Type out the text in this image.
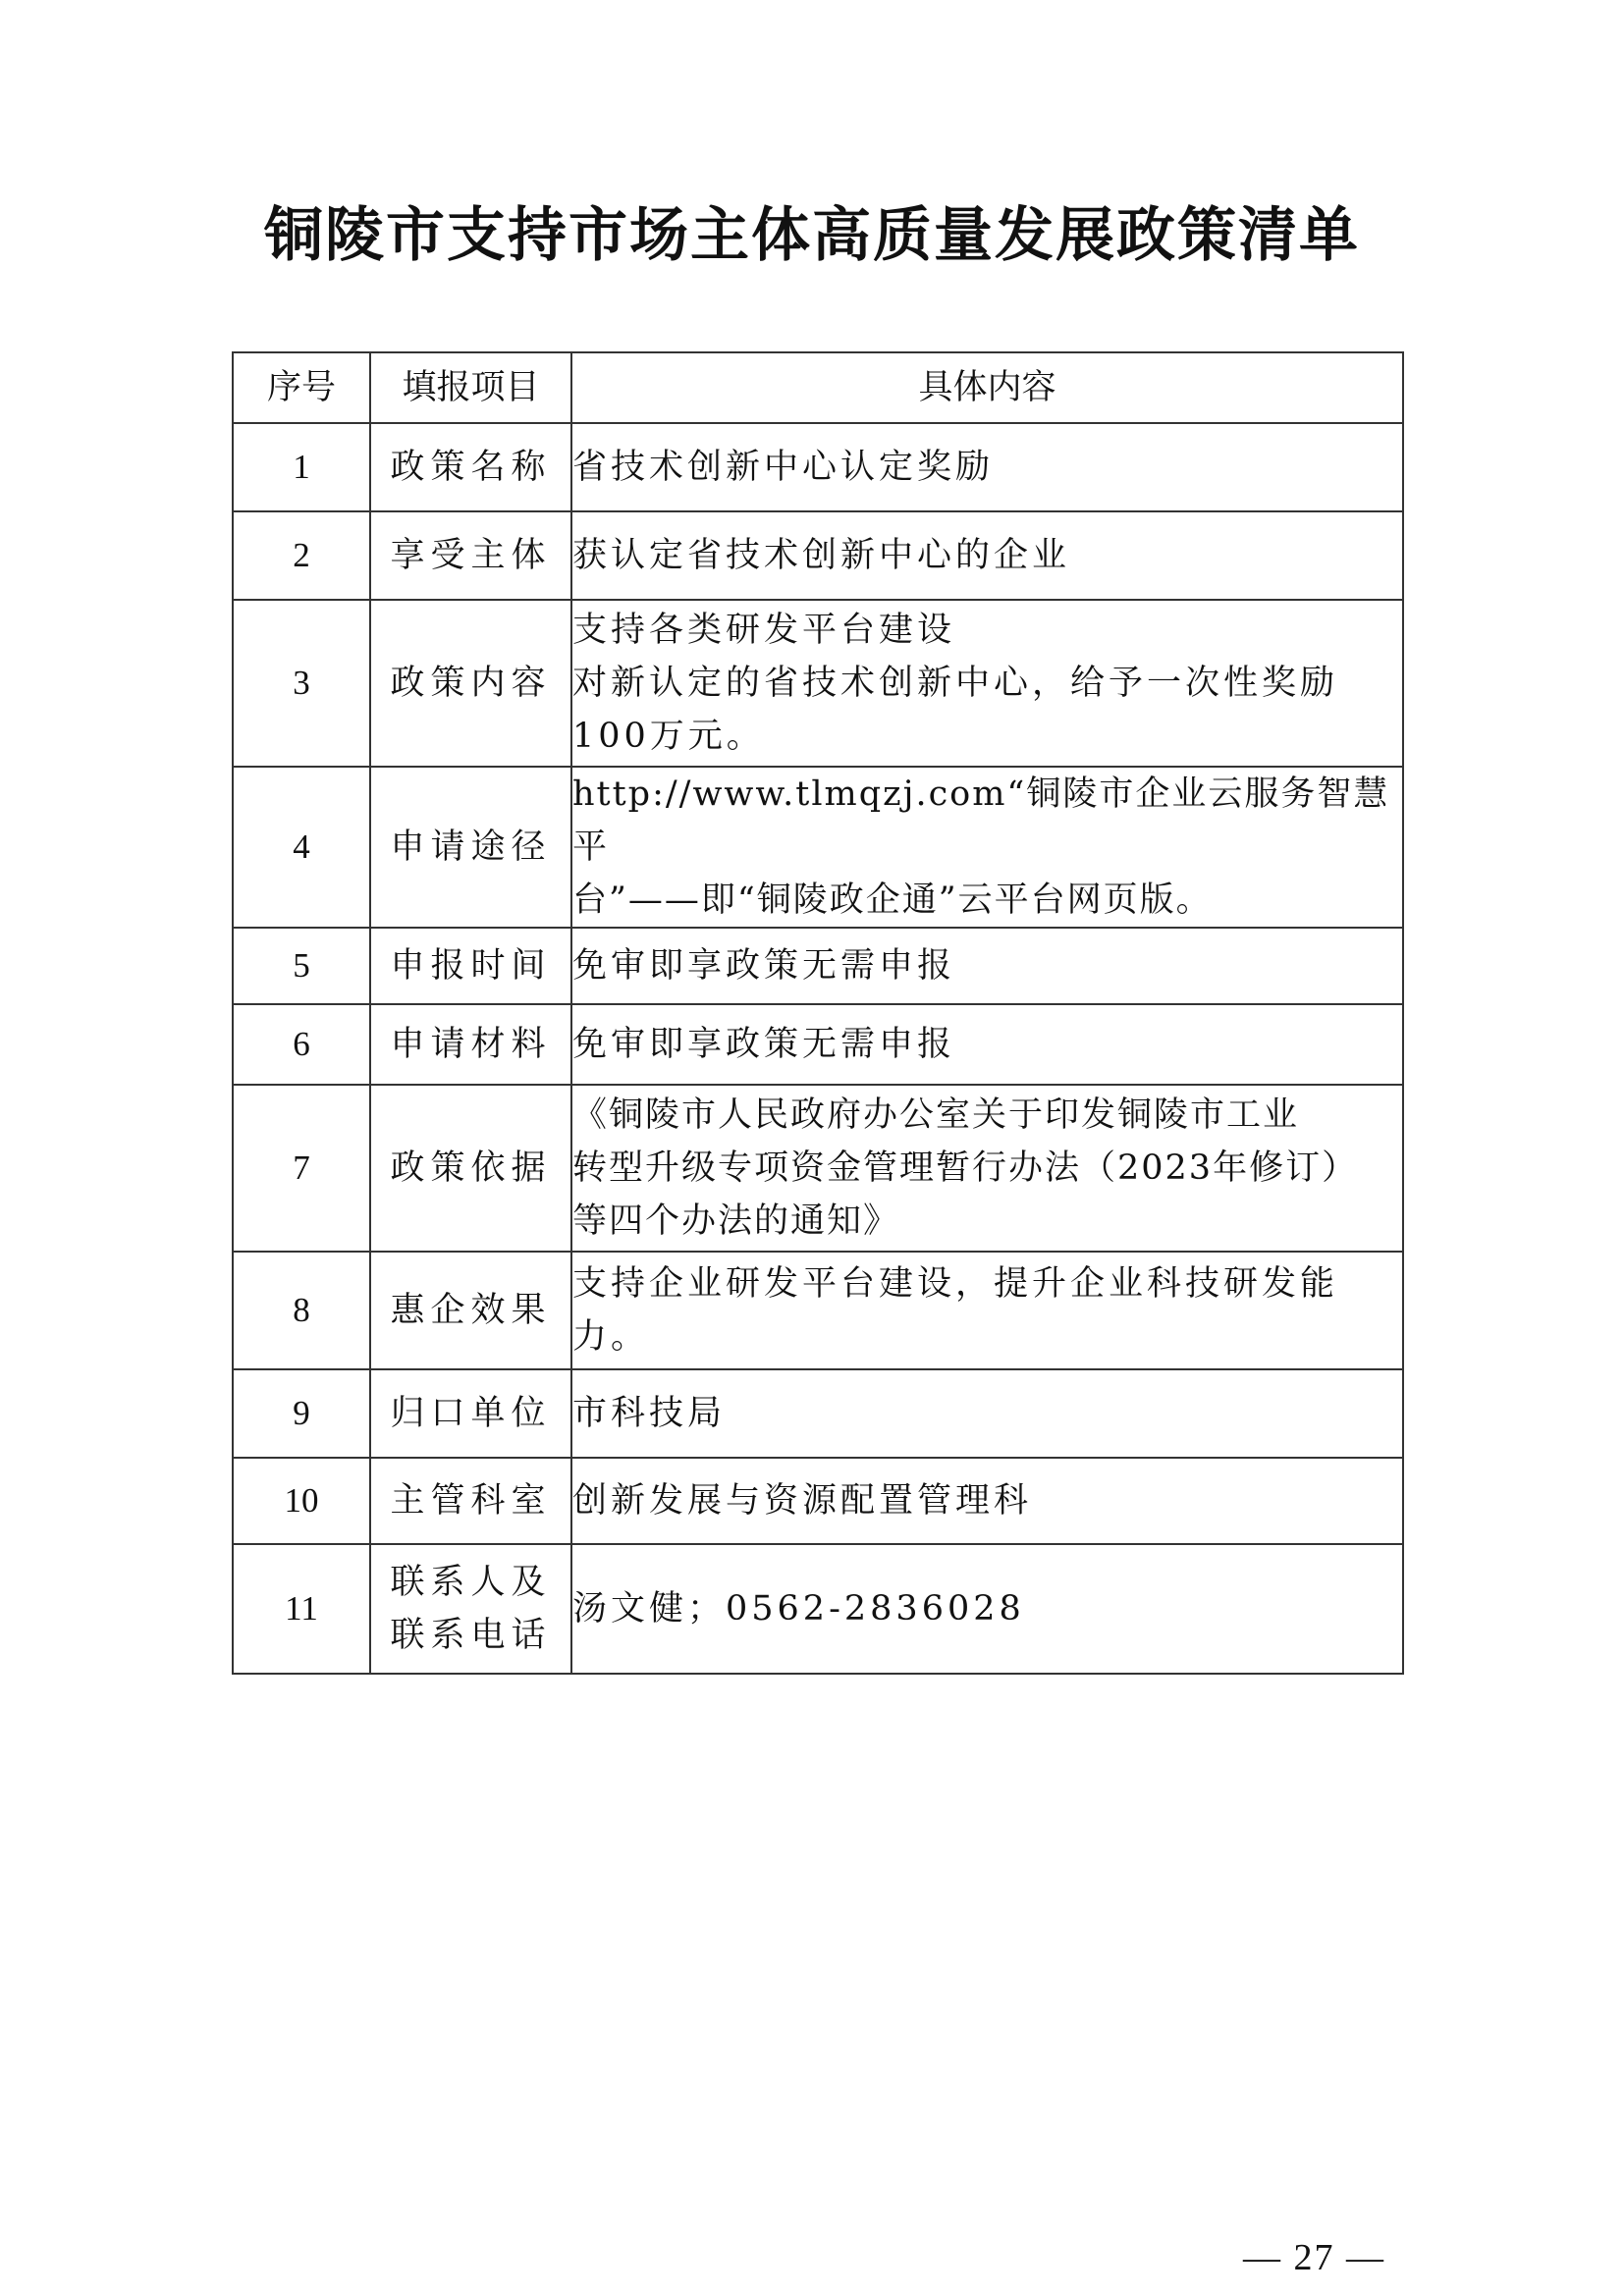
铜陵市支持市场主体高质量发展政策清单
序号	填报项目	具体内容
1	政策名称	省技术创新中心认定奖励

2	享受主体	获认定省技术创新中心的企业

3	政策内容	支持各类研发平台建设
对新认定的省技术创新中心，给予一次性奖励
100万元。

4	申请途径	http://www.tlmqzj.com“铜陵市企业云服务智慧平
台”——即“铜陵政企通”云平台网页版。

5	申报时间	免审即享政策无需申报

6	申请材料	免审即享政策无需申报

7	政策依据	《铜陵市人民政府办公室关于印发铜陵市工业
转型升级专项资金管理暂行办法（2023年修订）
等四个办法的通知》

8	惠企效果	支持企业研发平台建设，提升企业科技研发能
力。

9	归口单位	市科技局

10	主管科室	创新发展与资源配置管理科

11	联系人及
联系电话	汤文健；0562-2836028
— 27 —
